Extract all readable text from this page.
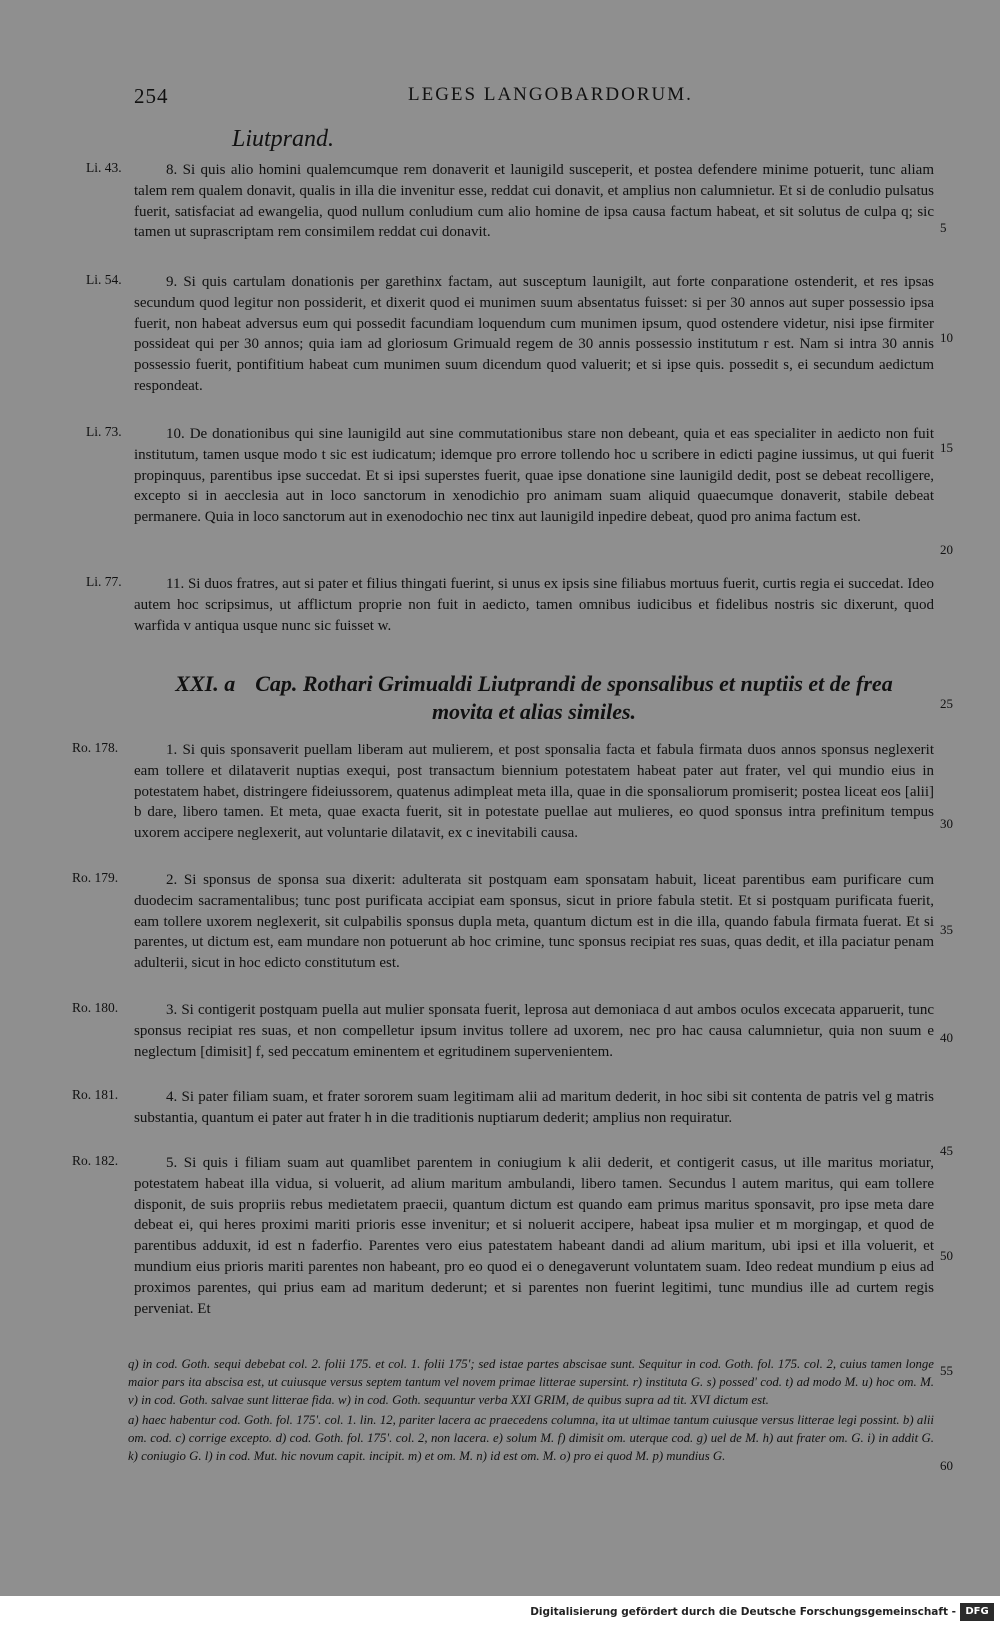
254	LEGES LANGOBARDORUM.
Liutprand.
Li. 43.	8. Si quis alio homini qualemcumque rem donaverit et launigild susceperit, et postea defendere minime potuerit, tunc aliam talem rem qualem donavit, qualis in illa die invenitur esse, reddat cui donavit, et amplius non calumnietur. Et si de conludio pulsatus fuerit, satisfaciat ad ewangelia, quod nullum conludium cum alio homine de ipsa causa factum habeat, et sit solutus de culpa q; sic tamen ut suprascriptam rem consimilem reddat cui donavit.

Li. 54.	9. Si quis cartulam donationis per garethinx factam, aut susceptum launigilt, aut forte conparatione ostenderit, et res ipsas secundum quod legitur non possiderit, et dixerit quod ei munimen suum absentatus fuisset: si per 30 annos aut super possessio ipsa fuerit, non habeat adversus eum qui possedit facundiam loquendum cum munimen ipsum, quod ostendere videtur, nisi ipse firmiter possideat qui per 30 annos; quia iam ad gloriosum Grimuald regem de 30 annis possessio institutum r est. Nam si intra 30 annis possessio fuerit, pontifitium habeat cum munimen suum dicendum quod valuerit; et si ipse quis. possedit s, ei secundum aedictum respondeat.

Li. 73.	10. De donationibus qui sine launigild aut sine commutationibus stare non debeant, quia et eas specialiter in aedicto non fuit institutum, tamen usque modo t sic est iudicatum; idemque pro errore tollendo hoc u scribere in edicti pagine iussimus, ut qui fuerit propinquus, parentibus ipse succedat. Et si ipsi superstes fuerit, quae ipse donatione sine launigild dedit, post se debeat recolligere, excepto si in aecclesia aut in loco sanctorum in xenodichio pro animam suam aliquid quaecumque donaverit, stabile debeat permanere. Quia in loco sanctorum aut in exenodochio nec tinx aut launigild inpedire debeat, quod pro anima factum est.

Li. 77.	11. Si duos fratres, aut si pater et filius thingati fuerint, si unus ex ipsis sine filiabus mortuus fuerit, curtis regia ei succedat. Ideo autem hoc scripsimus, ut afflictum proprie non fuit in aedicto, tamen omnibus iudicibus et fidelibus nostris sic dixerunt, quod warfida v antiqua usque nunc sic fuisset w.

XXI. a Cap. Rothari Grimualdi Liutprandi de sponsalibus et nuptiis et de frea
movita et alias similes.
Ro. 178.	1. Si quis sponsaverit puellam liberam aut mulierem, et post sponsalia facta et fabula firmata duos annos sponsus neglexerit eam tollere et dilataverit nuptias exequi, post transactum biennium potestatem habeat pater aut frater, vel qui mundio eius in potestatem habet, distringere fideiussorem, quatenus adimpleat meta illa, quae in die sponsaliorum promiserit; postea liceat eos [alii] b dare, libero tamen. Et meta, quae exacta fuerit, sit in potestate puellae aut mulieres, eo quod sponsus intra prefinitum tempus uxorem accipere neglexerit, aut voluntarie dilatavit, ex c inevitabili causa.

Ro. 179.	2. Si sponsus de sponsa sua dixerit: adulterata sit postquam eam sponsatam habuit, liceat parentibus eam purificare cum duodecim sacramentalibus; tunc post purificata accipiat eam sponsus, sicut in priore fabula stetit. Et si postquam purificata fuerit, eam tollere uxorem neglexerit, sit culpabilis sponsus dupla meta, quantum dictum est in die illa, quando fabula firmata fuerat. Et si parentes, ut dictum est, eam mundare non potuerunt ab hoc crimine, tunc sponsus recipiat res suas, quas dedit, et illa paciatur penam adulterii, sicut in hoc edicto constitutum est.

Ro. 180.	3. Si contigerit postquam puella aut mulier sponsata fuerit, leprosa aut demoniaca d aut ambos oculos excecata apparuerit, tunc sponsus recipiat res suas, et non compelletur ipsum invitus tollere ad uxorem, nec pro hac causa calumnietur, quia non suum e neglectum [dimisit] f, sed peccatum eminentem et egritudinem supervenientem.

Ro. 181.	4. Si pater filiam suam, et frater sororem suam legitimam alii ad maritum dederit, in hoc sibi sit contenta de patris vel g matris substantia, quantum ei pater aut frater h in die traditionis nuptiarum dederit; amplius non requiratur.

Ro. 182.	5. Si quis i filiam suam aut quamlibet parentem in coniugium k alii dederit, et contigerit casus, ut ille maritus moriatur, potestatem habeat illa vidua, si voluerit, ad alium maritum ambulandi, libero tamen. Secundus l autem maritus, qui eam tollere disponit, de suis propriis rebus medietatem praecii, quantum dictum est quando eam primus maritus sponsavit, pro ipse meta dare debeat ei, qui heres proximi mariti prioris esse invenitur; et si noluerit accipere, habeat ipsa mulier et m morgingap, et quod de parentibus adduxit, id est n faderfio. Parentes vero eius patestatem habeant dandi ad alium maritum, ubi ipsi et illa voluerit, et mundium eius prioris mariti parentes non habeant, pro eo quod ei o denegaverunt voluntatem suam. Ideo redeat mundium p eius ad proximos parentes, qui prius eam ad maritum dederunt; et si parentes non fuerint legitimi, tunc mundius ille ad curtem regis perveniat. Et

5
10
15
20
25
30
35
40
45
50
55
60

q) in cod. Goth. sequi debebat col. 2. folii 175. et col. 1. folii 175'; sed istae partes abscisae sunt. Sequitur in cod. Goth. fol. 175. col. 2, cuius tamen longe maior pars ita abscisa est, ut cuiusque versus septem tantum vel novem primae litterae supersint. r) instituta G. s) possed' cod. t) ad modo M. u) hoc om. M. v) in cod. Goth. salvae sunt litterae fida. w) in cod. Goth. sequuntur verba XXI GRIM, de quibus supra ad tit. XVI dictum est.

a) haec habentur cod. Goth. fol. 175'. col. 1. lin. 12, pariter lacera ac praecedens columna, ita ut ultimae tantum cuiusque versus litterae legi possint. b) alii om. cod. c) corrige excepto. d) cod. Goth. fol. 175'. col. 2, non lacera. e) solum M. f) dimisit om. uterque cod. g) uel de M. h) aut frater om. G. i) in addit G. k) coniugio G. l) in cod. Mut. hic novum capit. incipit. m) et om. M. n) id est om. M. o) pro ei quod M. p) mundius G.

Digitalisierung gefördert durch die Deutsche Forschungsgemeinschaft - DFG
